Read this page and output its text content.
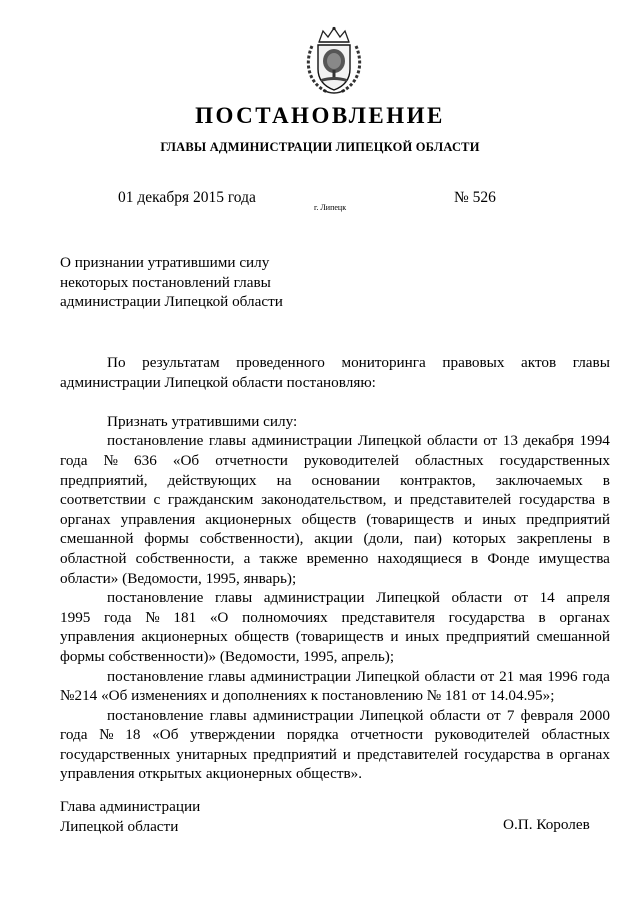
ПОСТАНОВЛЕНИЕ
ГЛАВЫ АДМИНИСТРАЦИИ ЛИПЕЦКОЙ ОБЛАСТИ
01 декабря 2015 года
г. Липецк
№ 526
О признании утратившими силу
некоторых постановлений главы
администрации Липецкой области
По результатам проведенного мониторинга правовых актов главы
администрации Липецкой области постановляю:
Признать утратившими силу:
постановление главы администрации Липецкой области от 13 декабря 1994
года № 636 «Об отчетности руководителей областных государственных
предприятий, действующих на основании контрактов, заключаемых в
соответствии с гражданским законодательством, и представителей государства в
органах управления акционерных обществ (товариществ и иных предприятий
смешанной формы собственности), акции (доли, паи) которых закреплены в
областной собственности, а также временно находящиеся в Фонде имущества
области» (Ведомости, 1995, январь);
постановление главы администрации Липецкой области от 14 апреля
1995 года № 181 «О полномочиях представителя государства в органах
управления акционерных обществ (товариществ и иных предприятий смешанной
формы собственности)» (Ведомости, 1995, апрель);
постановление главы администрации Липецкой области от 21 мая 1996 года
№214 «Об изменениях и дополнениях к постановлению № 181 от 14.04.95»;
постановление главы администрации Липецкой области от 7 февраля 2000
года № 18 «Об утверждении порядка отчетности руководителей областных
государственных унитарных предприятий и представителей государства в органах
управления открытых акционерных обществ».
Глава администрации
Липецкой области	О.П. Королев
